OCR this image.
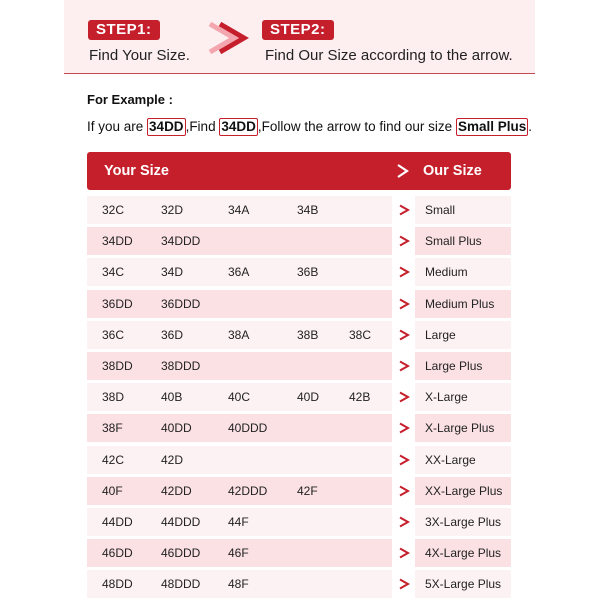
STEP1:
Find Your Size.
STEP2:
Find Our Size according to the arrow.
For Example :
If you are 34DD ,Find 34DD ,Follow the arrow to find our size Small Plus .
Your Size	Our Size
32C	32D	34A	34B	Small
34DD 34DDD	Small Plus
34C	34D	36A	36B	Medium
36DD 36DDD	Medium Plus
36C	36D	38A	38B	38C	Large
38DD 38DDD	Large Plus
38D	40B	40C	40D 42B	X-Large
38F	40DD	40DDD	X-Large Plus
42C	42D	XX-Large
40F	42DD	42DDD 42F	XX-Large Plus
44DD 44DDD 44F	3X-Large Plus
46DD 46DDD 46F	4X-Large Plus
48DD 48DDD 48F	5X-Large Plus
